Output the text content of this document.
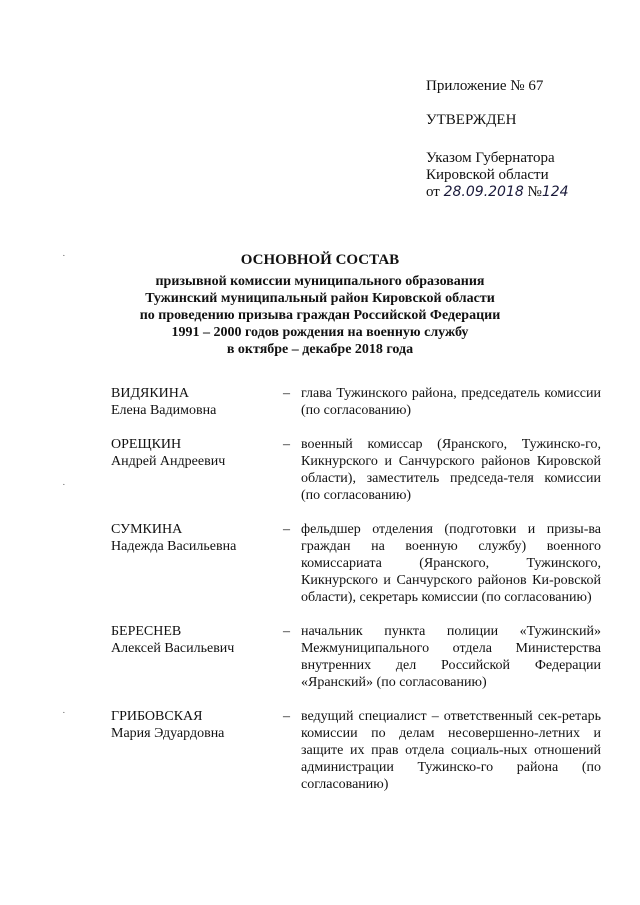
Приложение № 67
УТВЕРЖДЕН
Указом Губернатора
Кировской области
от 28.09.2018 №124
˙
˙
˙
ОСНОВНОЙ СОСТАВ
призывной комиссии муниципального образования
Тужинский муниципальный район Кировской области
по проведению призыва граждан Российской Федерации
1991 – 2000 годов рождения на военную службу
в октябре – декабре 2018 года
ВИДЯКИНА
Елена Вадимовна
– глава Тужинского района, председатель комиссии (по согласованию)
ОРЕЩКИН
Андрей Андреевич
– военный комиссар (Яранского, Тужинско-го, Кикнурского и Санчурского районов Кировской области), заместитель председа-теля комиссии (по согласованию)
СУМКИНА
Надежда Васильевна
– фельдшер отделения (подготовки и призы-ва граждан на военную службу) военного комиссариата (Яранского, Тужинского, Кикнурского и Санчурского районов Ки-ровской области), секретарь комиссии (по согласованию)
БЕРЕСНЕВ
Алексей Васильевич
– начальник пункта полиции «Тужинский» Межмуниципального отдела Министерства внутренних дел Российской Федерации «Яранский» (по согласованию)
ГРИБОВСКАЯ
Мария Эдуардовна
– ведущий специалист – ответственный сек-ретарь комиссии по делам несовершенно-летних и защите их прав отдела социаль-ных отношений администрации Тужинско-го района (по согласованию)
